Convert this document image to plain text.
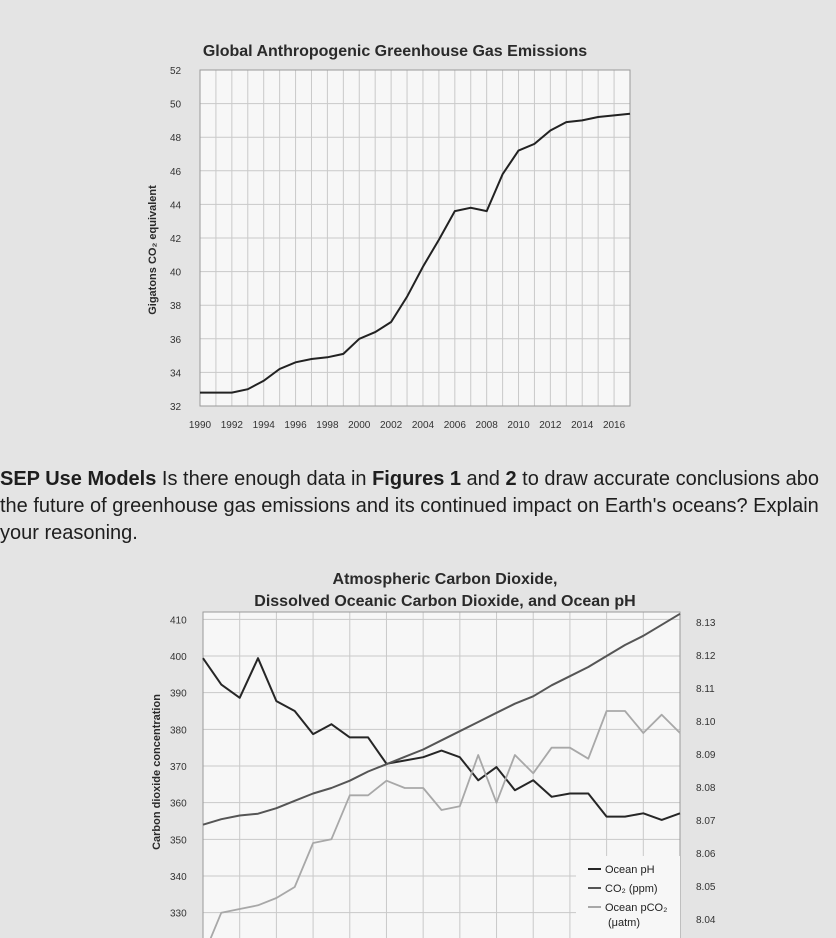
52
50
48
46
44
42
40
38
36
34
32
1990 1992 1994 1996 1998 2000 2002 2004 2006 2008 2010 2012 2014 2016
Global Anthropogenic Greenhouse Gas Emissions
Gigatons CO₂ equivalent
410
400
390
380
370
360
350
340
330
8.13
8.12
8.11
8.10
8.09
8.08
8.07
8.06
8.05
8.04
Atmospheric Carbon Dioxide,
Dissolved Oceanic Carbon Dioxide, and Ocean pH
Carbon dioxide concentration
Ocean pH
CO₂ (ppm)
Ocean pCO₂
(μatm)
SEP Use Models Is there enough data in Figures 1 and 2 to draw accurate conclusions abo
the future of greenhouse gas emissions and its continued impact on Earth's oceans? Explain
your reasoning.
